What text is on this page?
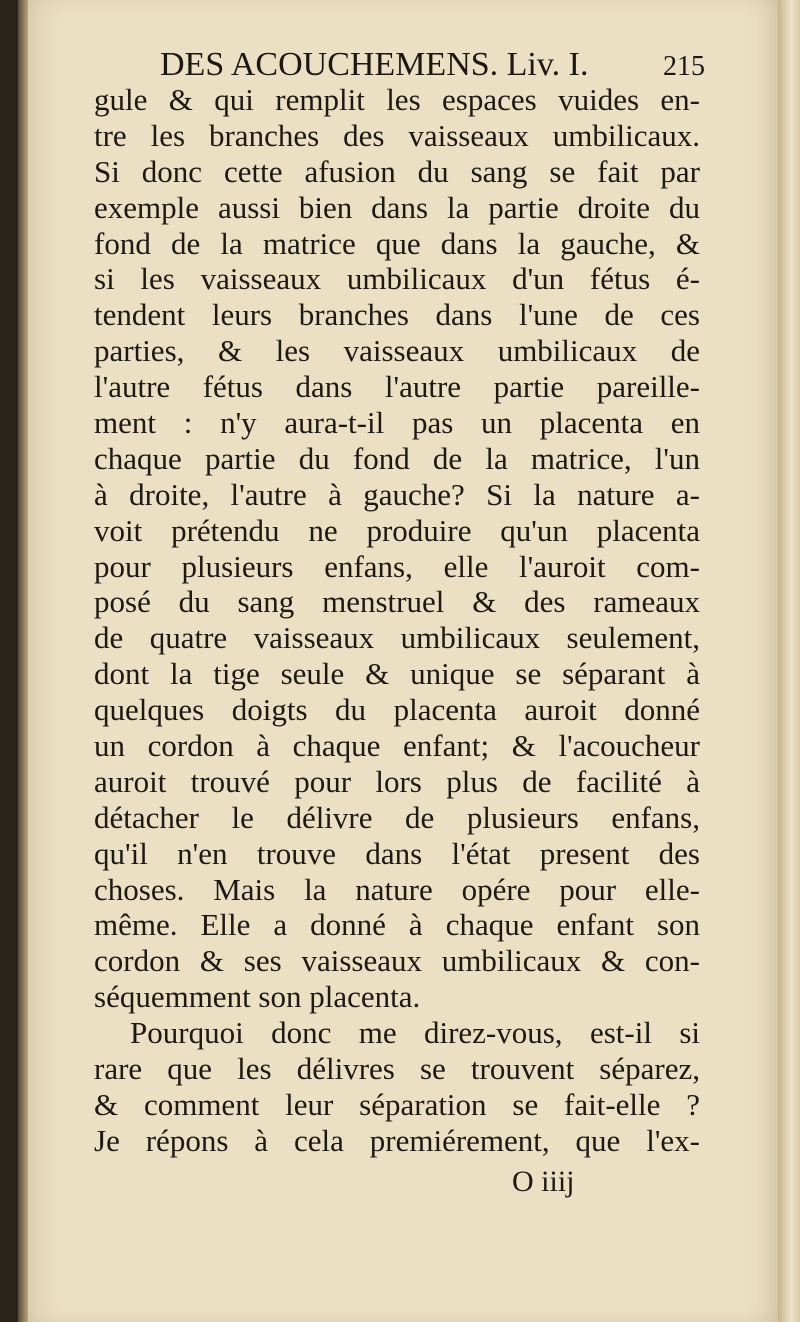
DES ACOUCHEMENS. Liv. I.	215
gule & qui remplit les espaces vuides en-
tre les branches des vaisseaux umbilicaux.
Si donc cette afusion du sang se fait par
exemple aussi bien dans la partie droite du
fond de la matrice que dans la gauche, &
si les vaisseaux umbilicaux d'un fétus é-
tendent leurs branches dans l'une de ces
parties, & les vaisseaux umbilicaux de
l'autre fétus dans l'autre partie pareille-
ment : n'y aura-t-il pas un placenta en
chaque partie du fond de la matrice, l'un
à droite, l'autre à gauche? Si la nature a-
voit prétendu ne produire qu'un placenta
pour plusieurs enfans, elle l'auroit com-
posé du sang menstruel & des rameaux
de quatre vaisseaux umbilicaux seulement,
dont la tige seule & unique se séparant à
quelques doigts du placenta auroit donné
un cordon à chaque enfant; & l'acoucheur
auroit trouvé pour lors plus de facilité à
détacher le délivre de plusieurs enfans,
qu'il n'en trouve dans l'état present des
choses. Mais la nature opére pour elle-
même. Elle a donné à chaque enfant son
cordon & ses vaisseaux umbilicaux & con-
séquemment son placenta.
Pourquoi donc me direz-vous, est-il si
rare que les délivres se trouvent séparez,
& comment leur séparation se fait-elle ?
Je répons à cela premiérement, que l'ex-
O iiij
